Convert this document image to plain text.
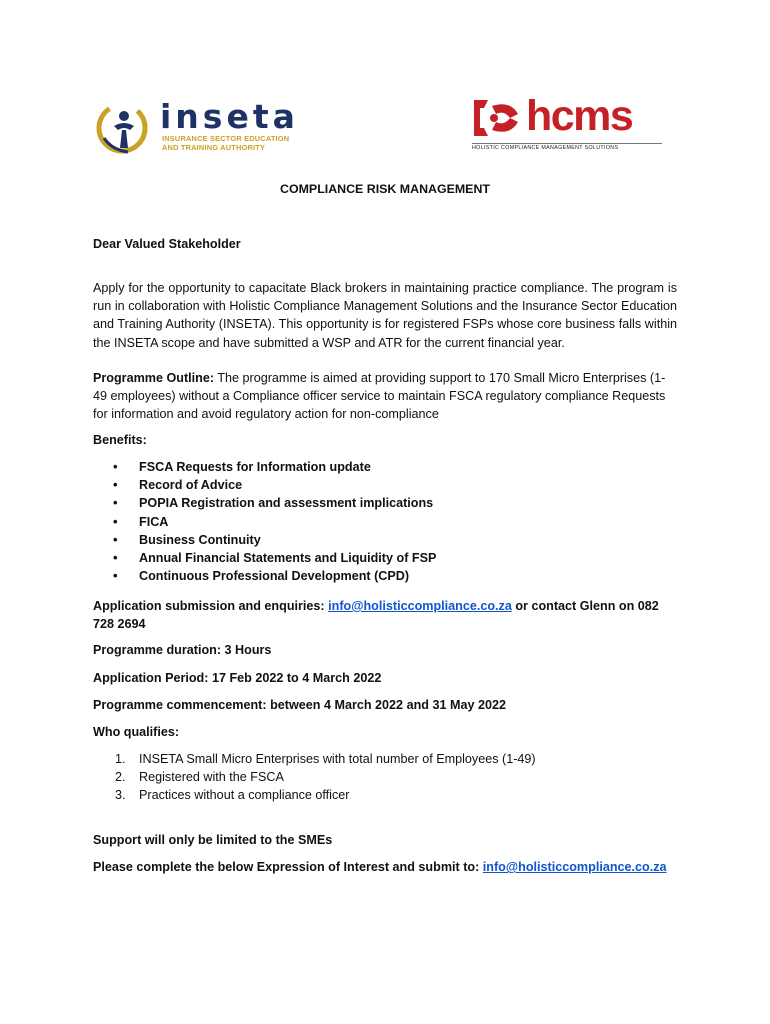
inseta
INSURANCE SECTOR EDUCATION
AND TRAINING AUTHORITY
hcms
HOLISTIC COMPLIANCE MANAGEMENT SOLUTIONS
COMPLIANCE RISK MANAGEMENT
Dear Valued Stakeholder
Apply for the opportunity to capacitate Black brokers in maintaining practice compliance. The program is run in collaboration with Holistic Compliance Management Solutions and the Insurance Sector Education and Training Authority (INSETA). This opportunity is for registered FSPs whose core business falls within the INSETA scope and have submitted a WSP and ATR for the current financial year.
Programme Outline: The programme is aimed at providing support to 170 Small Micro Enterprises (1-49 employees) without a Compliance officer service to maintain FSCA regulatory compliance Requests for information and avoid regulatory action for non-compliance
Benefits:
• FSCA Requests for Information update
• Record of Advice
• POPIA Registration and assessment implications
• FICA
• Business Continuity
• Annual Financial Statements and Liquidity of FSP
• Continuous Professional Development (CPD)
Application submission and enquiries: info@holisticcompliance.co.za or contact Glenn on 082 728 2694
Programme duration: 3 Hours
Application Period: 17 Feb 2022 to 4 March 2022
Programme commencement: between 4 March 2022 and 31 May 2022
Who qualifies:
1. INSETA Small Micro Enterprises with total number of Employees (1-49)
2. Registered with the FSCA
3. Practices without a compliance officer
Support will only be limited to the SMEs
Please complete the below Expression of Interest and submit to: info@holisticcompliance.co.za
